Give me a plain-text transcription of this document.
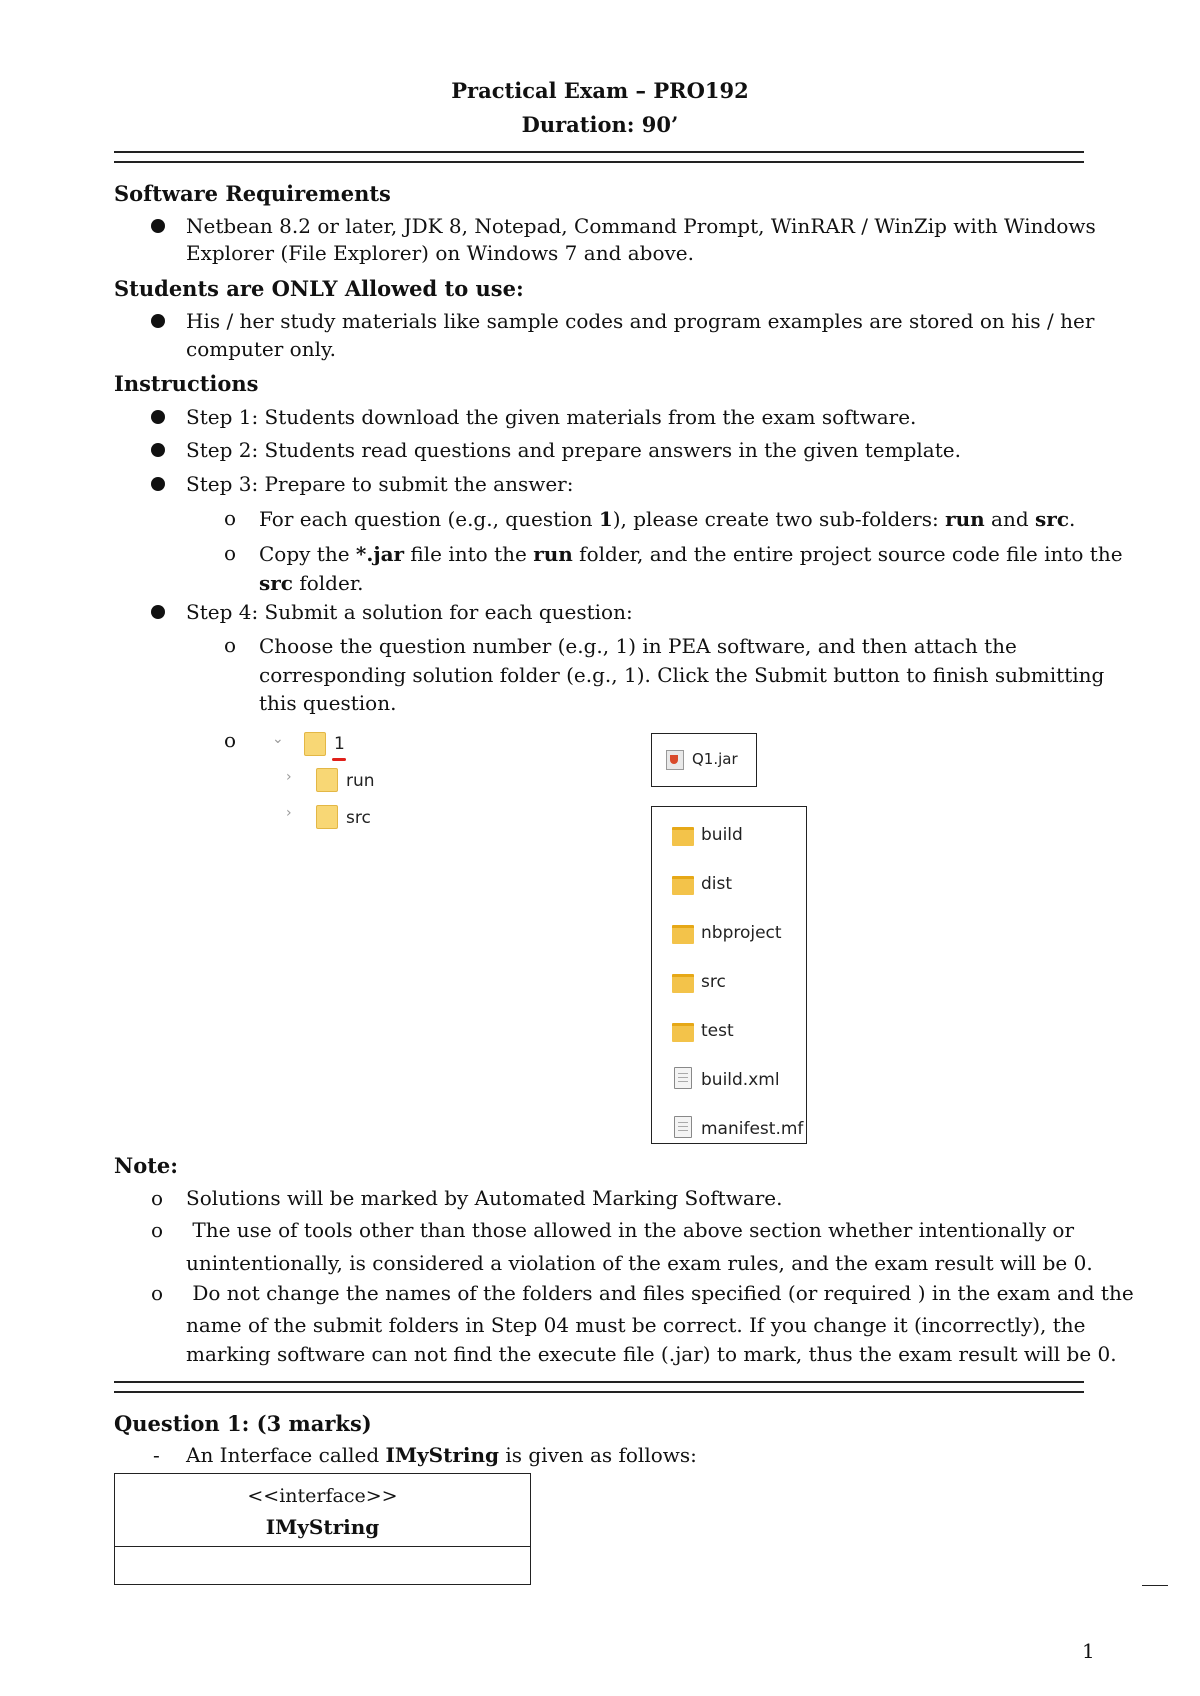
Practical Exam – PRO192
Duration: 90’
Software Requirements
Netbean 8.2 or later, JDK 8, Notepad, Command Prompt, WinRAR / WinZip with Windows
Explorer (File Explorer) on Windows 7 and above.
Students are ONLY Allowed to use:
His / her study materials like sample codes and program examples are stored on his / her
computer only.
Instructions
Step 1: Students download the given materials from the exam software.
Step 2: Students read questions and prepare answers in the given template.
Step 3: Prepare to submit the answer:
o For each question (e.g., question 1), please create two sub-folders: run and src.
o Copy the *.jar file into the run folder, and the entire project source code file into the
src folder.
Step 4: Submit a solution for each question:
o Choose the question number (e.g., 1) in PEA software, and then attach the
corresponding solution folder (e.g., 1). Click the Submit button to finish submitting
this question.
o	⌄	1
›	run
›	src
Q1.jar
build
dist
nbproject
src
test
build.xml
manifest.mf
Note:
o Solutions will be marked by Automated Marking Software.
o The use of tools other than those allowed in the above section whether intentionally or
unintentionally, is considered a violation of the exam rules, and the exam result will be 0.
o Do not change the names of the folders and files specified (or required ) in the exam and the
name of the submit folders in Step 04 must be correct. If you change it (incorrectly), the
marking software can not find the execute file (.jar) to mark, thus the exam result will be 0.
Question 1: (3 marks)
- An Interface called IMyString is given as follows:
<<interface>>
IMyString
1
